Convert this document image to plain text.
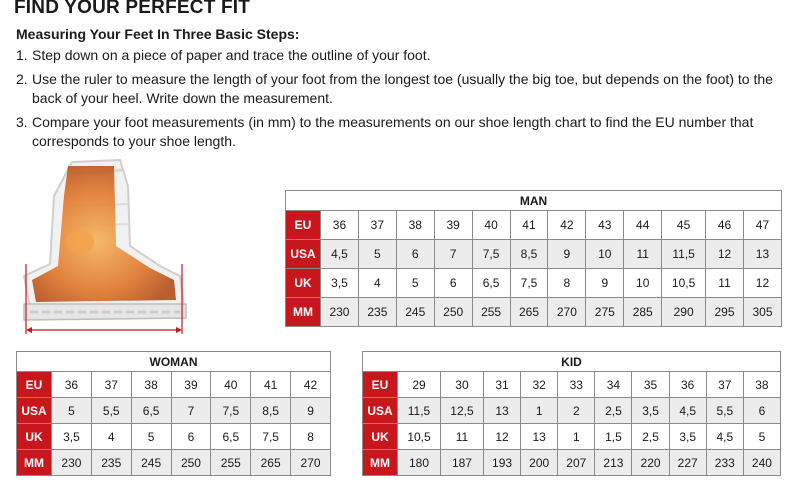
FIND YOUR PERFECT FIT
Measuring Your Feet In Three Basic Steps:
1. Step down on a piece of paper and trace the outline of your foot.
2. Use the ruler to measure the length of your foot from the longest toe (usually the big toe, but depends on the foot) to the back of your heel. Write down the measurement.
3. Compare your foot measurements (in mm) to the measurements on our shoe length chart to find the EU number that corresponds to your shoe length.
MAN												
EU	36	37	38	39	40	41	42	43	44	45	46	47
USA	4,5	5	6	7	7,5	8,5	9	10	11	11,5	12	13
UK	3,5	4	5	6	6,5	7,5	8	9	10	10,5	11	12
MM	230	235	245	250	255	265	270	275	285	290	295	305
WOMAN							
EU	36	37	38	39	40	41	42
USA	5	5,5	6,5	7	7,5	8,5	9
UK	3,5	4	5	6	6,5	7,5	8
MM	230	235	245	250	255	265	270
KID										
EU	29	30	31	32	33	34	35	36	37	38
USA	11,5	12,5	13	1	2	2,5	3,5	4,5	5,5	6
UK	10,5	11	12	13	1	1,5	2,5	3,5	4,5	5
MM	180	187	193	200	207	213	220	227	233	240
